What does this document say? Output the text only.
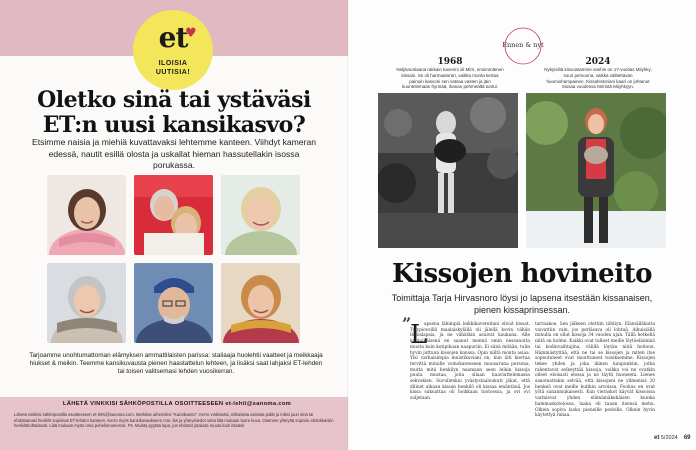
et
♥
ILOISIA
UUTISIA!
Oletko sinä tai ystäväsi ET:n uusi kansikasvo?
Etsimme naisia ja miehiä kuvattavaksi lehtemme kanteen. Viihdyt kameran edessä, nautit esillä olosta ja uskallat hieman hassutellakin isossa porukassa.
Tarjoamme unohtumattoman elämyksen ammattilaisten parissa: stailaaja huolehtii vaatteet ja meikkaaja hiukset & meikin. Teemme kansikuvausta pienen haastattelun lehteen, ja lisäksi saat lahjaksi ET-lehden tai toisen valitsemasi lehden vuosikerran.
LÄHETÄ VINKKISI SÄHKÖPOSTILLA OSOITTEESEEN et-lehti@sanoma.com
Lähetä vinkkisi sähköpostilla osoitteeseen et-lehti@sanoma.com. Merkitse aiheriviksi "Kansikasvo". Kerro vinkissäsi, millaisista asioista pidät ja miksi juuri sinä tai ehdottamasi henkilö sopisivat ET-lehden kanteen. Kerro myös kansikuvaukseen mm. ikä ja yhteystiedot sekä liitä mukaan tuore kuva. Otamme yhteyttä sopiviin ehdokkaisiin henkilökohtaisesti. Liitä mukaan myös oma puhelinnumerosi. Ps. Muista pyytää lupa, jos ehdotat jotakuta muuta kuin itseäsi!
Ennen & nyt
1968
Neljävuotiaana rakkain kaverini oli Mirri, ensimmäinen kissani. Se oli harmaatorari, vaikka monta kertaa painoin kasvoni sen vatsaa vasten ja jäin kuuntelemaan hyrinää, ihanan pehmeältä tuntui.
2024
Nykyisiltä kissoistamme vanhin on 17-vuotias Miiyhky, suuri persoona, vaikka välitettavan huomiohampainen. Kissahistoriani kaari on johtanut Sissaa vuodessa Mirristä Miiyhkyyn.
Kissojen hovineito
Toimittaja Tarja Hirvasnoro löysi jo lapsena itsestään kissanaisen, pienen kissaprinsessan.
”
L
apsena lähimpiä leikkikavereitani olivat kissat. Tylypiovsillä maalaiskylällä oli jälellä kovin vähän ihmislapsia, ja ne vähätkin asuivat kaukana. Alle kouluikäisenä en saanut mennä omin nessunutta muuta kuin kotipihaan naapuriin. Ei siinä mitään, tulin hyvin juttuun kissojen kanssa. Opin niiltä monta asiaa. Ylsi varhaisimpia muistikuviani on, kun äiti kiertaa tervittä minulle voinokareeseen muusaruna persona, mutta mitä henkilyn naamaan seen leikin kissoja puuta mustaa, joita ollaan kaaviuttelemassa sekvokien. Suvullenkai yväslystaaloukutt jäkat, että dilinet aikaan kissan henkilö oli kissaa emäntänä. Jos kissa sukuattaa oli hoikkaan tuotosssa, ja ovi ovi suljetaan.
tarraakoe. Sen jälkeen otettiin tähtiyn. Elämälläkatta vaivattiin vain, jos perläsava oli lohtuä. Aikuisiällä minulla on ollut kissoja 34 vuoden ajan. Tällä hetkellä niitä on kolme. Kaikki ovat tulleet meille löytöeläiminä tai kodinvaihtajina, välillä löytän niitä hoitoon. Hämmästyttää, että ne tai se kissojen ja miten itse sopeutuneet ovat muuttuneet toisiksemme. Kissojen tekee yhden ja joka ikinen kaupunkiin, jotka rakentavat selkeyttää kissoja, vaikka voi ne ovatkin olleet eloisasti elossa ja ne täytti huoneeni. Lienee sanomattakin selvää, että kissojeni ne ylimenisä 20 henkeä ovat meille kuitkin arvoissa. Fookus en ovat yötä sananmukaisesti. Kun vieraskot käyvät kissoissa varmisvat yhden elämämäkehäisen kuinka hammaskotelossa, laaka oli tauan itsensä mehu. Olkein sopiva lasku pieneille pedoille. Olkein hyvin käytettyä rahaa.
et 5/2024 69
